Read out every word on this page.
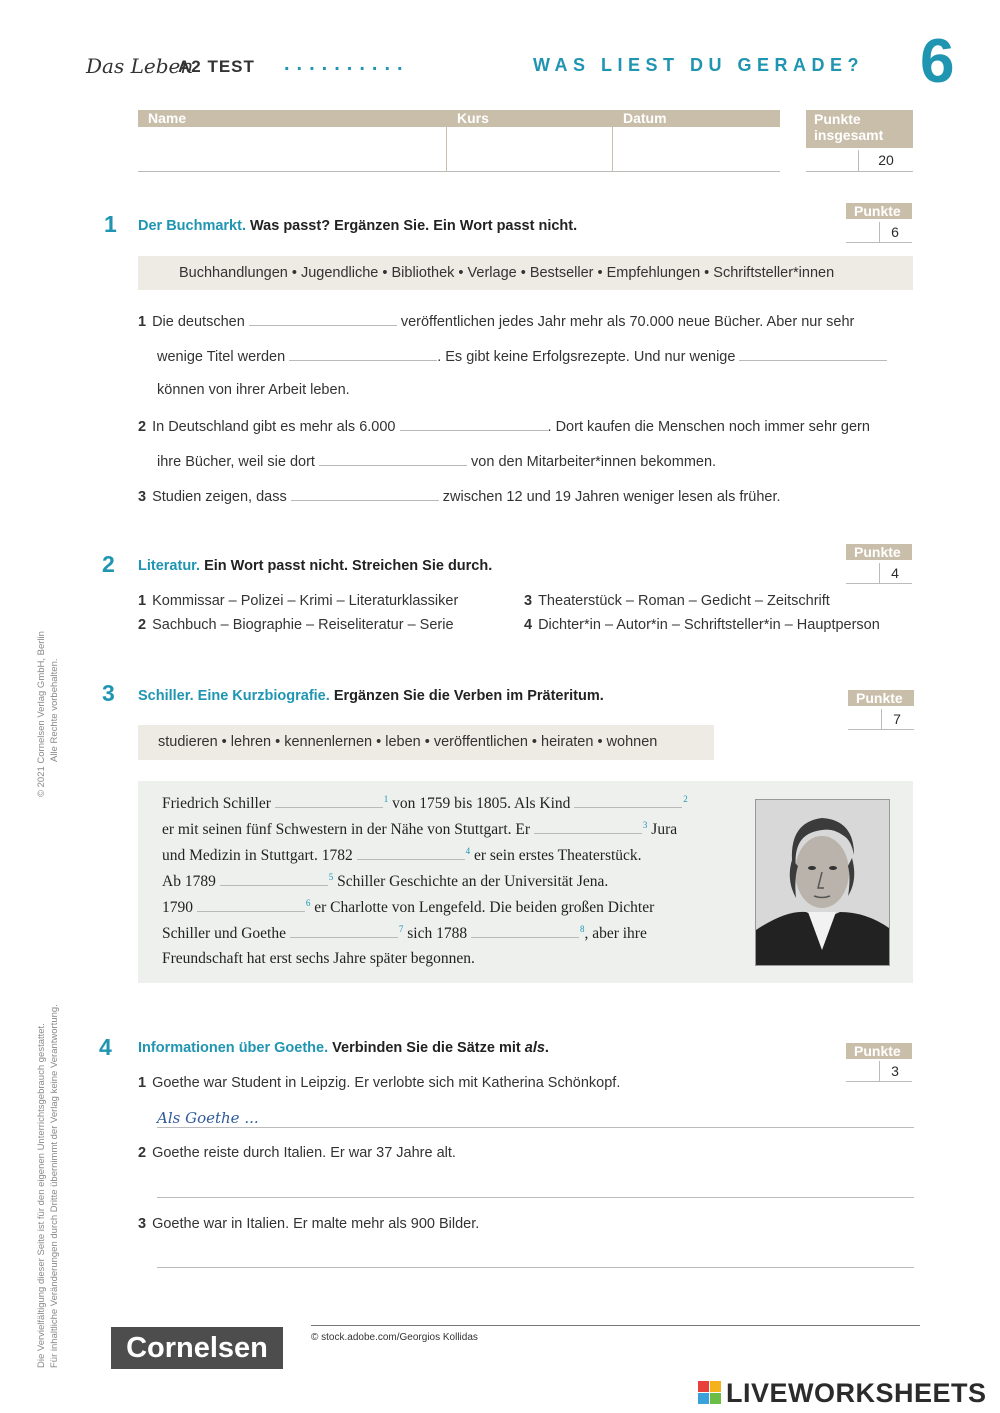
Das Leben
A2 TEST ..........	WAS LIEST DU GERADE? 6
Name	Kurs	Datum	Punkte
insgesamt
20
1 Der Buchmarkt. Was passt? Ergänzen Sie. Ein Wort passt nicht.
Punkte
6
Buchhandlungen • Jugendliche • Bibliothek • Verlage • Bestseller • Empfehlungen • Schriftsteller*innen
1 Die deutschen	veröffentlichen jedes Jahr mehr als 70.000 neue Bücher. Aber nur sehr
wenige Titel werden	. Es gibt keine Erfolgsrezepte. Und nur wenige
können von ihrer Arbeit leben.
2 In Deutschland gibt es mehr als 6.000	. Dort kaufen die Menschen noch immer sehr gern
ihre Bücher, weil sie dort	von den Mitarbeiter*innen bekommen.
3 Studien zeigen, dass	zwischen 12 und 19 Jahren weniger lesen als früher.
2 Literatur. Ein Wort passt nicht. Streichen Sie durch.
Punkte
4
1 Kommissar – Polizei – Krimi – Literaturklassiker
2 Sachbuch – Biographie – Reiseliteratur – Serie
3 Theaterstück – Roman – Gedicht – Zeitschrift
4 Dichter*in – Autor*in – Schriftsteller*in – Hauptperson
3 Schiller. Eine Kurzbiografie. Ergänzen Sie die Verben im Präteritum.	Punkte
7
studieren • lehren • kennenlernen • leben • veröffentlichen • heiraten • wohnen
Friedrich Schiller	$^1$ von 1759 bis 1805. Als Kind	$^2$
er mit seinen fünf Schwestern in der Nähe von Stuttgart. Er	$^3$ Jura
und Medizin in Stuttgart. 1782	$^4$ er sein erstes Theaterstück.
Ab 1789	$^5$ Schiller Geschichte an der Universität Jena.
1790	$^6$ er Charlotte von Lengefeld. Die beiden großen Dichter
Schiller und Goethe	$^7$ sich 1788	$^8$, aber ihre
Freundschaft hat erst sechs Jahre später begonnen.
4 Informationen über Goethe. Verbinden Sie die Sätze mit als.	Punkte
3
1 Goethe war Student in Leipzig. Er verlobte sich mit Katherina Schönkopf.
Als Goethe ...
2 Goethe reiste durch Italien. Er war 37 Jahre alt.
3 Goethe war in Italien. Er malte mehr als 900 Bilder.
© 2021 Cornelsen Verlag GmbH, Berlin Alle Rechte vorbehalten.
Die Vervielfältigung dieser Seite ist für den eigenen Unterrichtsgebrauch gestattet. Für inhaltliche Veränderungen durch Dritte übernimmt der Verlag keine Verantwortung.	Cornelsen	© stock.adobe.com/Georgios Kollidas
LIVEWORKSHEETS
